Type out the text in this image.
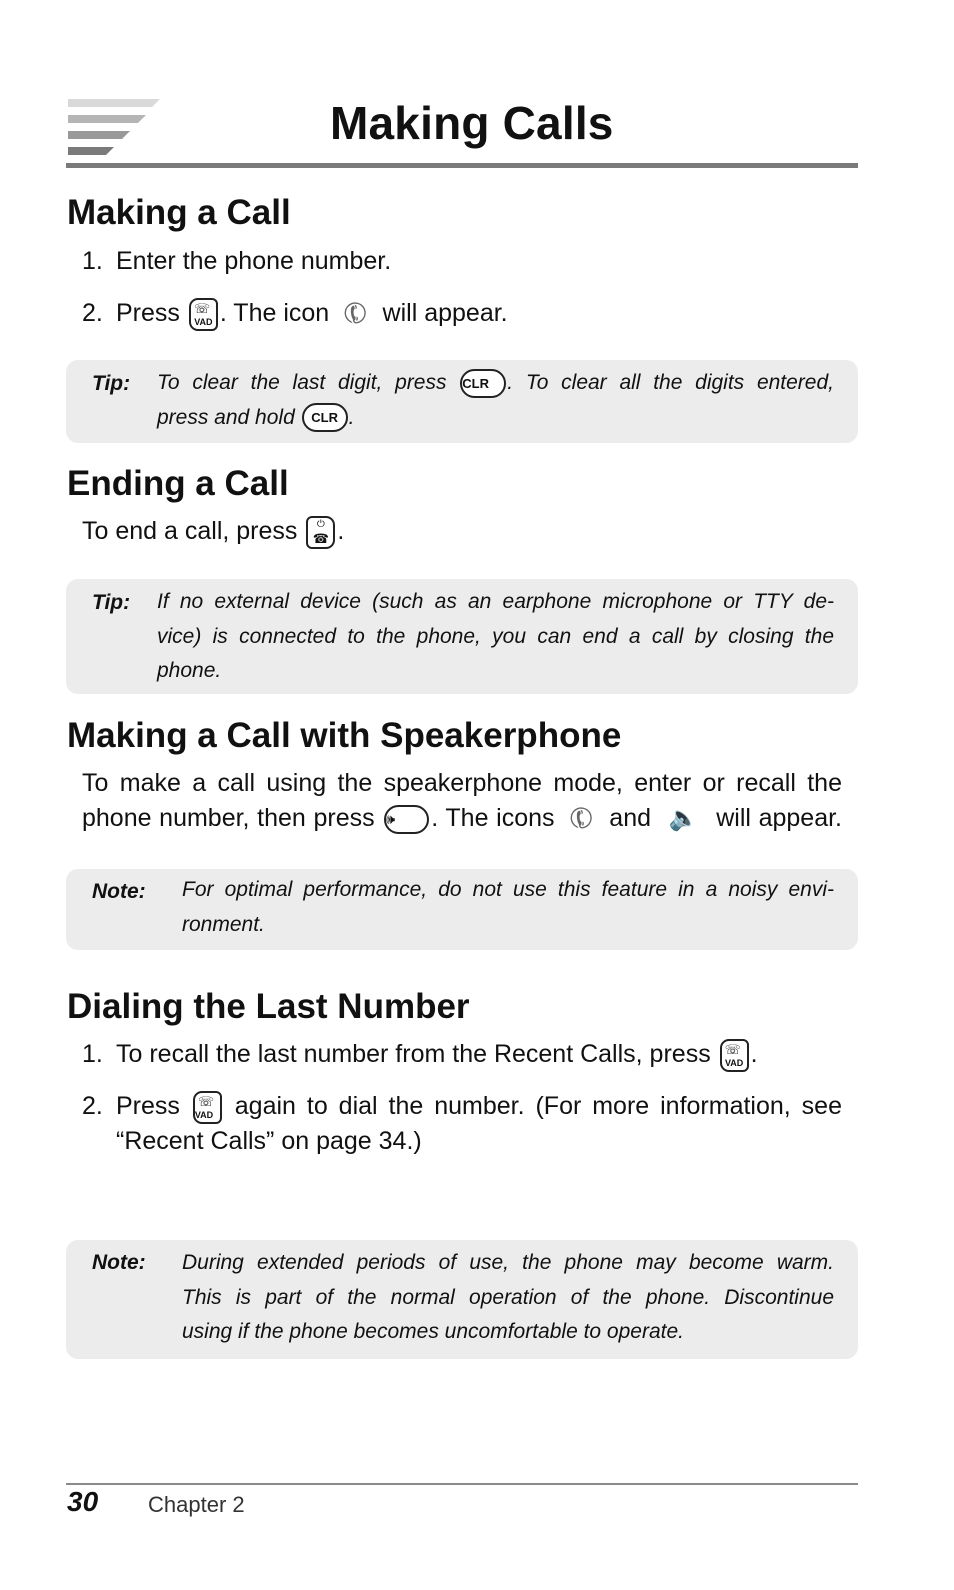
Making Calls
Making a Call
1. Enter the phone number.
2. Press ☏
VAD . The icon ✆ will appear.
Tip: To clear the last digit, press CLR . To clear all the digits entered,
press and hold CLR .
Ending a Call
To end a call, press	⏻
☎ .
Tip: If no external device (such as an earphone microphone or TTY de-
vice) is connected to the phone, you can end a call by closing the
phone.
Making a Call with Speakerphone
To make a call using the speakerphone mode, enter or recall the
phone number, then press 🕪 . The icons ✆ and 🔈 will appear.
Note: For optimal performance, do not use this feature in a noisy envi-
ronment.
Dialing the Last Number
1. To recall the last number from the Recent Calls, press ☏
VAD .
2. Press ☏
VAD again to dial the number. (For more information, see
“Recent Calls” on page 34.)
Note: During extended periods of use, the phone may become warm.
This is part of the normal operation of the phone. Discontinue
using if the phone becomes uncomfortable to operate.
30 Chapter 2
